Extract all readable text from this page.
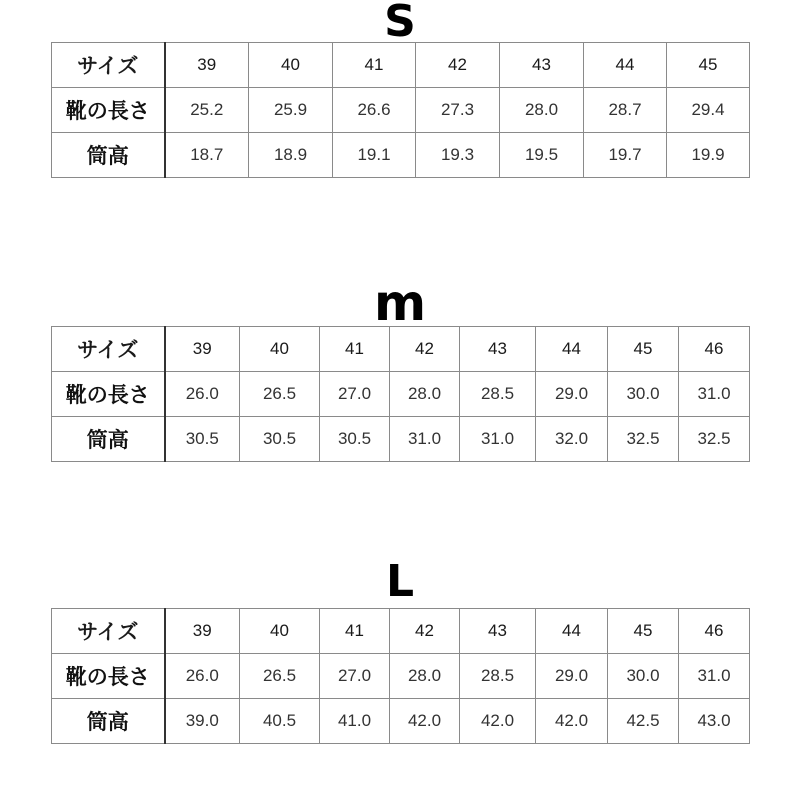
S
サイズ	39	40	41	42	43	44	45
靴の長さ	25.2	25.9	26.6	27.3	28.0	28.7	29.4
筒高	18.7	18.9	19.1	19.3	19.5	19.7	19.9
m
サイズ	39	40	41	42	43	44	45	46
靴の長さ	26.0	26.5	27.0	28.0	28.5	29.0	30.0	31.0
筒高	30.5	30.5	30.5	31.0	31.0	32.0	32.5	32.5
L
サイズ	39	40	41	42	43	44	45	46
靴の長さ	26.0	26.5	27.0	28.0	28.5	29.0	30.0	31.0
筒高	39.0	40.5	41.0	42.0	42.0	42.0	42.5	43.0
